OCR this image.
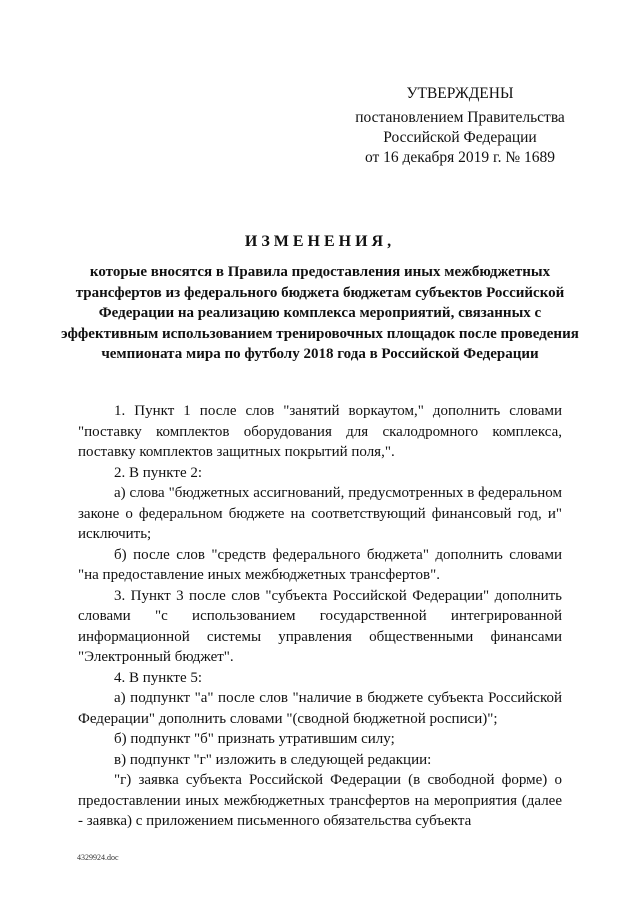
УТВЕРЖДЕНЫ
постановлением Правительства
Российской Федерации
от 16 декабря 2019 г. № 1689
ИЗМЕНЕНИЯ,
которые вносятся в Правила предоставления иных межбюджетных трансфертов из федерального бюджета бюджетам субъектов Российской Федерации на реализацию комплекса мероприятий, связанных с эффективным использованием тренировочных площадок после проведения чемпионата мира по футболу 2018 года в Российской Федерации

1. Пункт 1 после слов "занятий воркаутом," дополнить словами "поставку комплектов оборудования для скалодромного комплекса, поставку комплектов защитных покрытий поля,".

2. В пункте 2:

а) слова "бюджетных ассигнований, предусмотренных в федеральном законе о федеральном бюджете на соответствующий финансовый год, и" исключить;

б) после слов "средств федерального бюджета" дополнить словами "на предоставление иных межбюджетных трансфертов".

3. Пункт 3 после слов "субъекта Российской Федерации" дополнить словами "с использованием государственной интегрированной информационной системы управления общественными финансами "Электронный бюджет".

4. В пункте 5:

а) подпункт "а" после слов "наличие в бюджете субъекта Российской Федерации" дополнить словами "(сводной бюджетной росписи)";

б) подпункт "б" признать утратившим силу;

в) подпункт "г" изложить в следующей редакции:

"г) заявка субъекта Российской Федерации (в свободной форме) о предоставлении иных межбюджетных трансфертов на мероприятия (далее - заявка) с приложением письменного обязательства субъекта

4329924.doc
